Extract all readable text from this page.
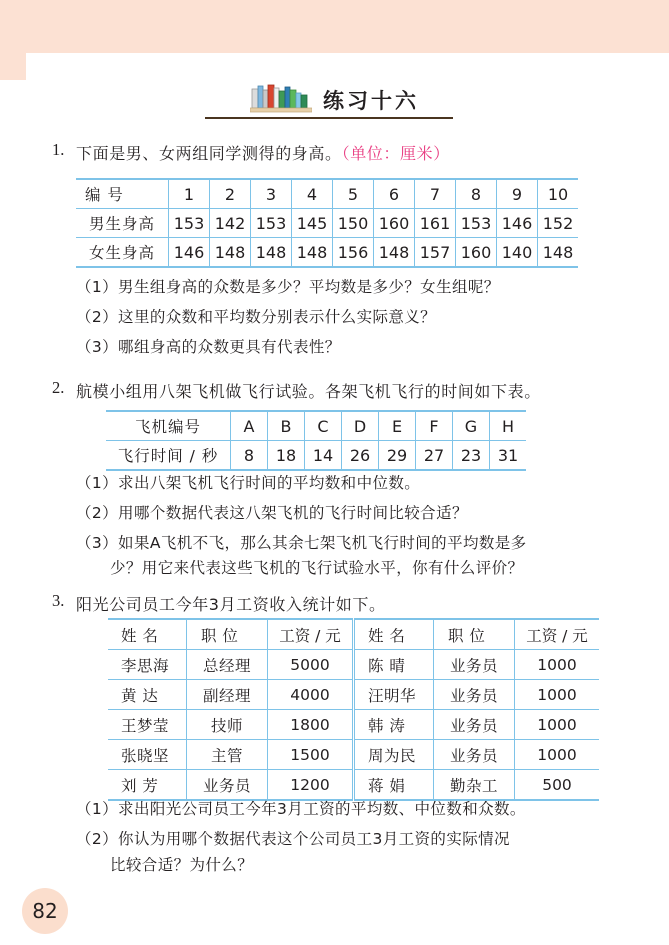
练习十六
1. 下面是男、女两组同学测得的身高。（单位：厘米）
编 号	1	2	3	4	5	6	7	8	9	10
男生身高	153	142	153	145	150	160	161	153	146	152
女生身高	146	148	148	148	156	148	157	160	140	148
（1）男生组身高的众数是多少？平均数是多少？女生组呢？
（2）这里的众数和平均数分别表示什么实际意义？
（3）哪组身高的众数更具有代表性？
2. 航模小组用八架飞机做飞行试验。各架飞机飞行的时间如下表。
飞机编号	A	B	C	D	E	F	G	H
飞行时间 / 秒	8	18	14	26	29	27	23	31
（1）求出八架飞机飞行时间的平均数和中位数。
（2）用哪个数据代表这八架飞机的飞行时间比较合适？
（3）如果A飞机不飞，那么其余七架飞机飞行时间的平均数是多
少？用它来代表这些飞机的飞行试验水平，你有什么评价？
3. 阳光公司员工今年3月工资收入统计如下。
姓 名	职 位	工资 / 元	姓 名	职 位	工资 / 元
李思海	总经理	5000	陈 晴	业务员	1000
黄 达	副经理	4000	汪明华	业务员	1000
王梦莹	技师	1800	韩 涛	业务员	1000
张晓坚	主管	1500	周为民	业务员	1000
刘 芳	业务员	1200	蒋 娟	勤杂工	500
（1）求出阳光公司员工今年3月工资的平均数、中位数和众数。
（2）你认为用哪个数据代表这个公司员工3月工资的实际情况
比较合适？为什么？
82
